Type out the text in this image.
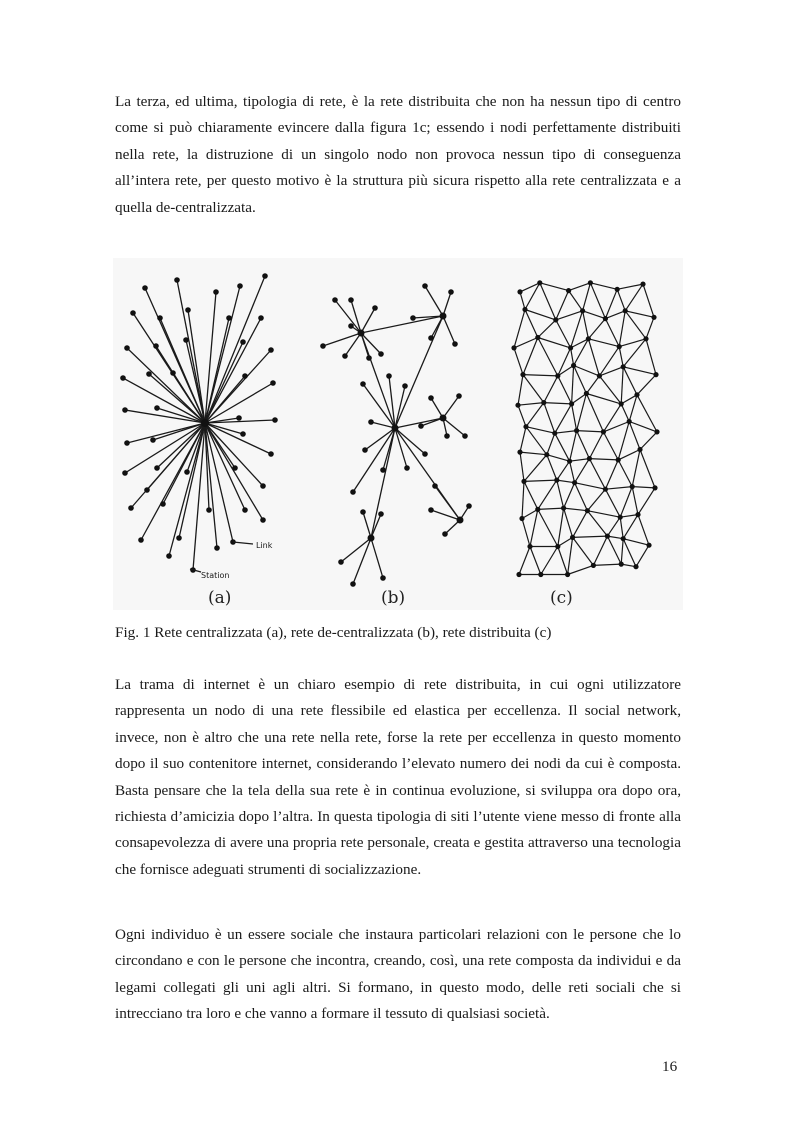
La terza, ed ultima, tipologia di rete, è la rete distribuita che non ha nessun tipo di centro come si può chiaramente evincere dalla figura 1c; essendo i nodi perfettamente distribuiti nella rete, la distruzione di un singolo nodo non provoca nessun tipo di conseguenza all’intera rete, per questo motivo è la struttura più sicura rispetto alla rete centralizzata e a quella de-centralizzata.

Link
Station
(a)	(b)	(c)

Fig. 1 Rete centralizzata (a), rete de-centralizzata (b), rete distribuita (c)

La trama di internet è un chiaro esempio di rete distribuita, in cui ogni utilizzatore rappresenta un nodo di una rete flessibile ed elastica per eccellenza. Il social network, invece, non è altro che una rete nella rete, forse la rete per eccellenza in questo momento dopo il suo contenitore internet, considerando l’elevato numero dei nodi da cui è composta. Basta pensare che la tela della sua rete è in continua evoluzione, si sviluppa ora dopo ora, richiesta d’amicizia dopo l’altra. In questa tipologia di siti l’utente viene messo di fronte alla consapevolezza di avere una propria rete personale, creata e gestita attraverso una tecnologia che fornisce adeguati strumenti di socializzazione.

Ogni individuo è un essere sociale che instaura particolari relazioni con le persone che lo circondano e con le persone che incontra, creando, così, una rete composta da individui e da legami collegati gli uni agli altri. Si formano, in questo modo, delle reti sociali che si intrecciano tra loro e che vanno a formare il tessuto di qualsiasi società.

16
